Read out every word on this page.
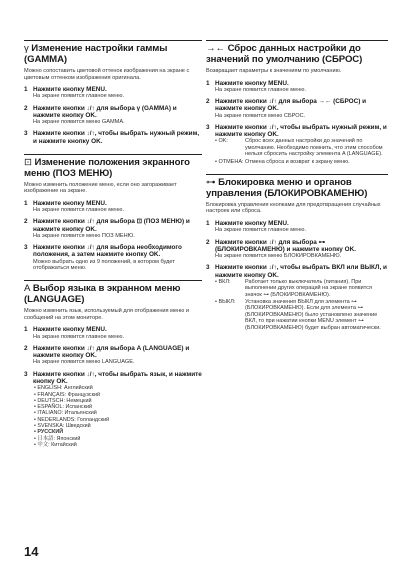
γ Изменение настройки гаммы (GAMMA)

Можно сопоставить цветовой оттенок изображения на экране с цветовым оттенком изображения оригинала.

1 Нажмите кнопку MENU.
На экране появится главное меню.
2 Нажмите кнопки ↓/↑ для выбора γ (GAMMA) и нажмите кнопку OK.
На экране появится меню GAMMA.
3 Нажмите кнопки ↓/↑, чтобы выбрать нужный режим, и нажмите кнопку OK.
⊡ Изменение положения экранного меню (ПОЗ МЕНЮ)

Можно изменить положение меню, если оно загораживает изображение на экране.

1 Нажмите кнопку MENU.
На экране появится главное меню.
2 Нажмите кнопки ↓/↑ для выбора ⊡ (ПОЗ МЕНЮ) и нажмите кнопку OK.
На экране появится меню ПОЗ МЕНЮ.
3 Нажмите кнопки ↓/↑ для выбора необходимого положения, а затем нажмите кнопку OK.
Можно выбрать одно из 9 положений, в котором будет отображаться меню.
A Выбор языка в экранном меню (LANGUAGE)

Можно изменить язык, используемый для отображения меню и сообщений на этом мониторе.

1 Нажмите кнопку MENU.
На экране появится главное меню.
2 Нажмите кнопки ↓/↑ для выбора A (LANGUAGE) и нажмите кнопку OK.
На экране появится меню LANGUAGE.
3 Нажмите кнопки ↓/↑, чтобы выбрать язык, и нажмите кнопку OK.
• ENGLISH: Английский
• FRANÇAIS: Французский
• DEUTSCH: Немецкий
• ESPAÑOL: Испанский
• ITALIANO: Итальянский
• NEDERLANDS: Голландский
• SVENSKA: Шведский
• РУССКИЙ
• 日本語: Японский
• 中文: Китайский
→← Сброс данных настройки до значений по умолчанию (СБРОС)

Возвращает параметры к значениям по умолчанию.

1 Нажмите кнопку MENU.
На экране появится главное меню.
2 Нажмите кнопки ↓/↑ для выбора →← (СБРОС) и нажмите кнопку OK.
На экране появится меню СБРОС.
3 Нажмите кнопки ↓/↑, чтобы выбрать нужный режим, и нажмите кнопку OK.
• OK:	Сброс всех данных настройки до значений по умолчанию. Необходимо помнить, что этим способом нельзя сбросить настройку элемента A (LANGUAGE).
• ОТМЕНА: Отмена сброса и возврат к экрану меню.
⊶ Блокировка меню и органов управления (БЛОКИРОВКАМЕНЮ)

Блокировка управления кнопками для предотвращения случайных настроек или сброса.

1 Нажмите кнопку MENU.
На экране появится главное меню.
2 Нажмите кнопки ↓/↑ для выбора ⊶ (БЛОКИРОВКАМЕНЮ) и нажмите кнопку OK.
На экране появится меню БЛОКИРОВКАМЕНЮ.
3 Нажмите кнопки ↓/↑, чтобы выбрать ВКЛ или ВЫКЛ, и нажмите кнопку OK.
• ВКЛ:	Работает только выключатель (питания). При выполнении других операций на экране появится значок ⊶ (БЛОКИРОВКАМЕНЮ).
• ВЫКЛ: Установка значения ВЫКЛ для элемента ⊶ (БЛОКИРОВКАМЕНЮ). Если для элемента ⊶ (БЛОКИРОВКАМЕНЮ) было установлено значение ВКЛ, то при нажатии кнопки MENU элемент ⊶ (БЛОКИРОВКАМЕНЮ) будет выбран автоматически.
14
